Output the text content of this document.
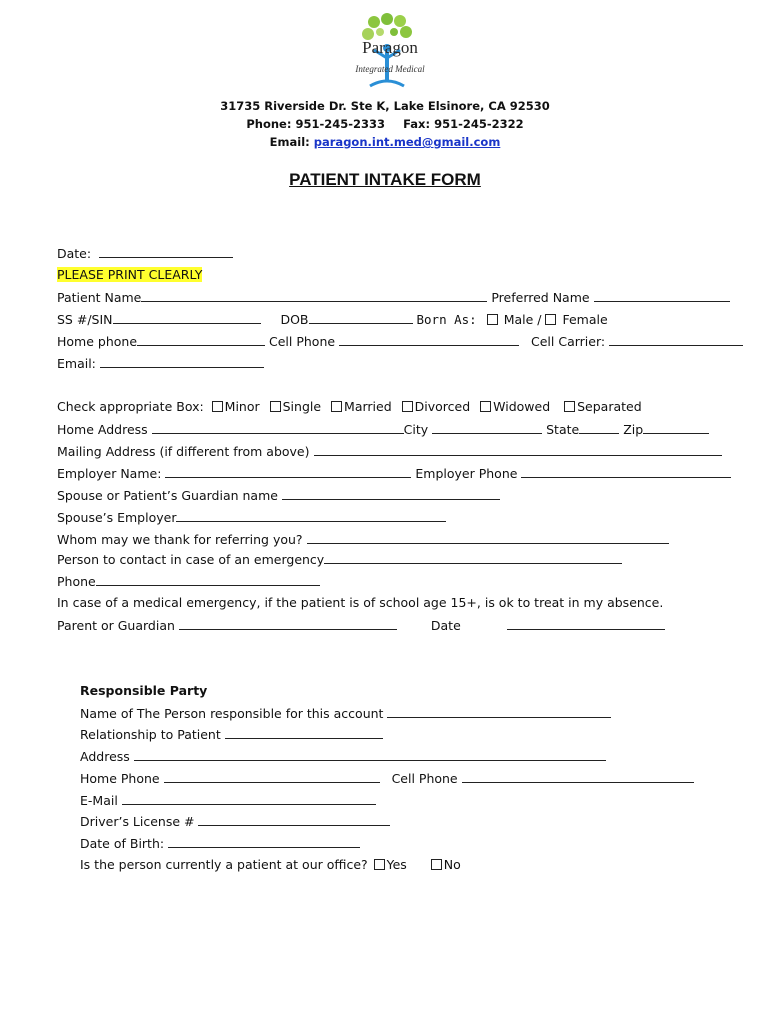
Paragon
Integrated Medical
31735 Riverside Dr. Ste K, Lake Elsinore, CA 92530
Phone: 951-245-2333 Fax: 951-245-2322
Email: paragon.int.med@gmail.com
PATIENT INTAKE FORM
Date:
PLEASE PRINT CLEARLY
Patient Name	Preferred Name
SS #/SIN	DOB	Born As: Male / Female
Home phone	Cell Phone	Cell Carrier:
Email:
Check appropriate Box: Minor Single Married Divorced Widowed Separated
Home Address	City	State	Zip
Mailing Address (if different from above)
Employer Name:	Employer Phone
Spouse or Patient’s Guardian name
Spouse’s Employer
Whom may we thank for referring you?
Person to contact in case of an emergency
Phone
In case of a medical emergency, if the patient is of school age 15+, is ok to treat in my absence.
Parent or Guardian	Date
Responsible Party
Name of The Person responsible for this account
Relationship to Patient
Address
Home Phone	Cell Phone
E-Mail
Driver’s License #
Date of Birth:
Is the person currently a patient at our office? Yes	No
